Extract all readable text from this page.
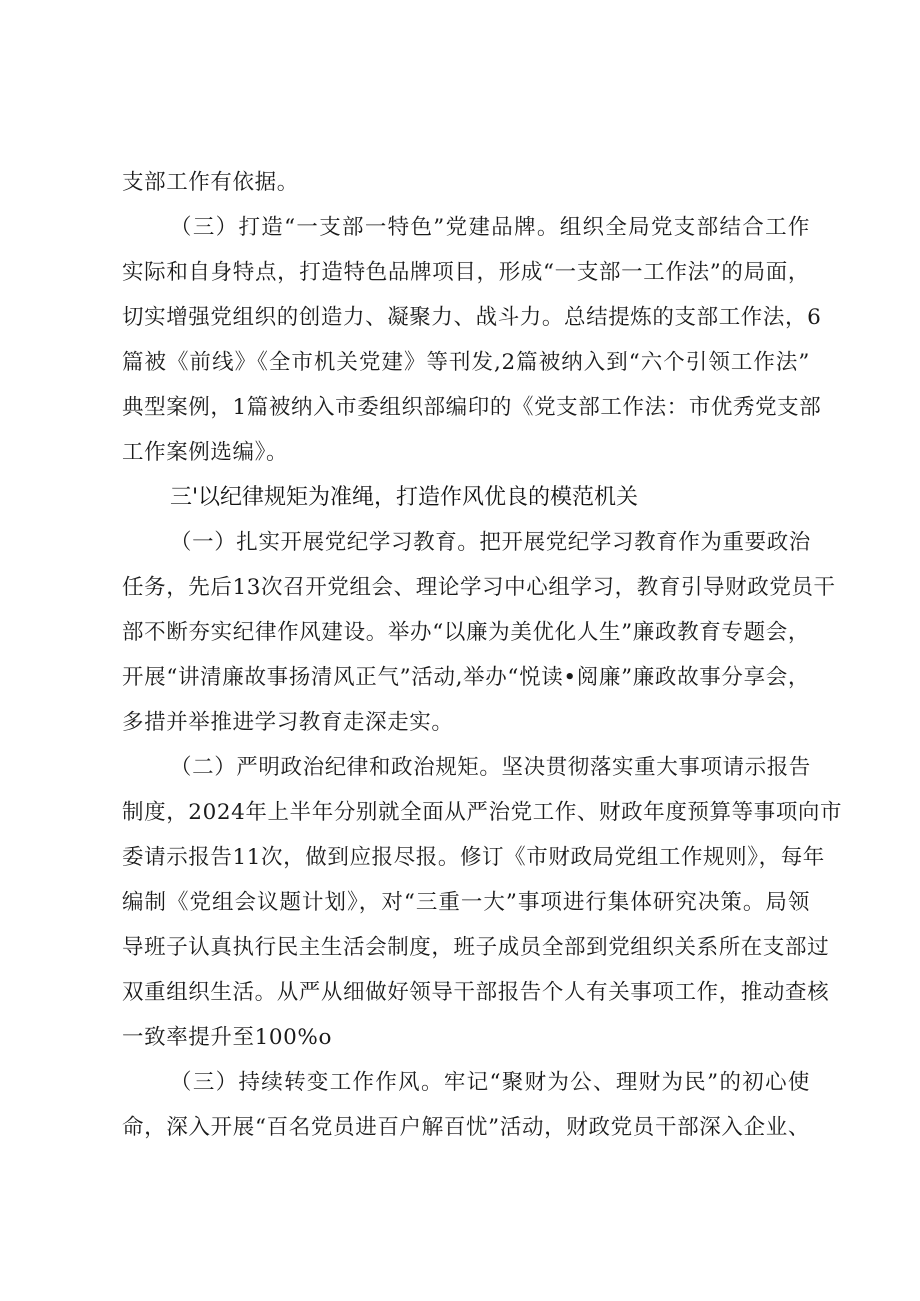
支部工作有依据。
（三）打造“一支部一特色”党建品牌。组织全局党支部结合工作
实际和自身特点，打造特色品牌项目，形成“一支部一工作法”的局面，
切实增强党组织的创造力、凝聚力、战斗力。总结提炼的支部工作法，6
篇被《前线》《全市机关党建》等刊发,2篇被纳入到“六个引领工作法”
典型案例，1篇被纳入市委组织部编印的《党支部工作法：市优秀党支部
工作案例选编》。
三'以纪律规矩为准绳，打造作风优良的模范机关
（一）扎实开展党纪学习教育。把开展党纪学习教育作为重要政治
任务，先后13次召开党组会、理论学习中心组学习，教育引导财政党员干
部不断夯实纪律作风建设。举办“以廉为美优化人生”廉政教育专题会，
开展“讲清廉故事扬清风正气”活动,举办“悦读•阅廉”廉政故事分享会，
多措并举推进学习教育走深走实。
（二）严明政治纪律和政治规矩。坚决贯彻落实重大事项请示报告
制度，2024年上半年分别就全面从严治党工作、财政年度预算等事项向市
委请示报告11次，做到应报尽报。修订《市财政局党组工作规则》，每年
编制《党组会议题计划》，对“三重一大”事项进行集体研究决策。局领
导班子认真执行民主生活会制度，班子成员全部到党组织关系所在支部过
双重组织生活。从严从细做好领导干部报告个人有关事项工作，推动查核
一致率提升至100%o
（三）持续转变工作作风。牢记“聚财为公、理财为民”的初心使
命，深入开展“百名党员进百户解百忧”活动，财政党员干部深入企业、
